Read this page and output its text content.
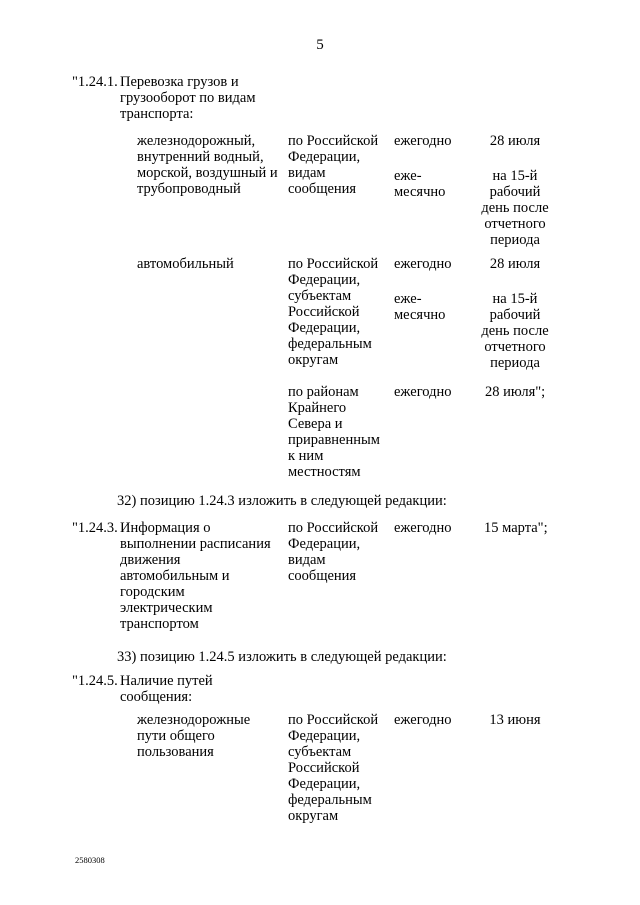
5
"1.24.1. Перевозка грузов и
грузооборот по видам
транспорта:
железнодорожный,
внутренний водный,
морской, воздушный и
трубопроводный
по Российской
Федерации,
видам
сообщения
ежегодно
еже-
месячно
28 июля
на 15-й
рабочий
день после
отчетного
периода
автомобильный	по Российской
Федерации,
субъектам
Российской
Федерации,
федеральным
округам
ежегодно
еже-
месячно
28 июля
на 15-й
рабочий
день после
отчетного
периода
по районам
Крайнего
Севера и
приравненным
к ним
местностям
ежегодно 28 июля";
32) позицию 1.24.3 изложить в следующей редакции:
"1.24.3. Информация о
выполнении расписания
движения
автомобильным и
городским
электрическим
транспортом
по Российской
Федерации,
видам
сообщения
ежегодно 15 марта";
33) позицию 1.24.5 изложить в следующей редакции:
"1.24.5. Наличие путей
сообщения:
железнодорожные
пути общего
пользования
по Российской
Федерации,
субъектам
Российской
Федерации,
федеральным
округам
ежегодно	13 июня
2580308
